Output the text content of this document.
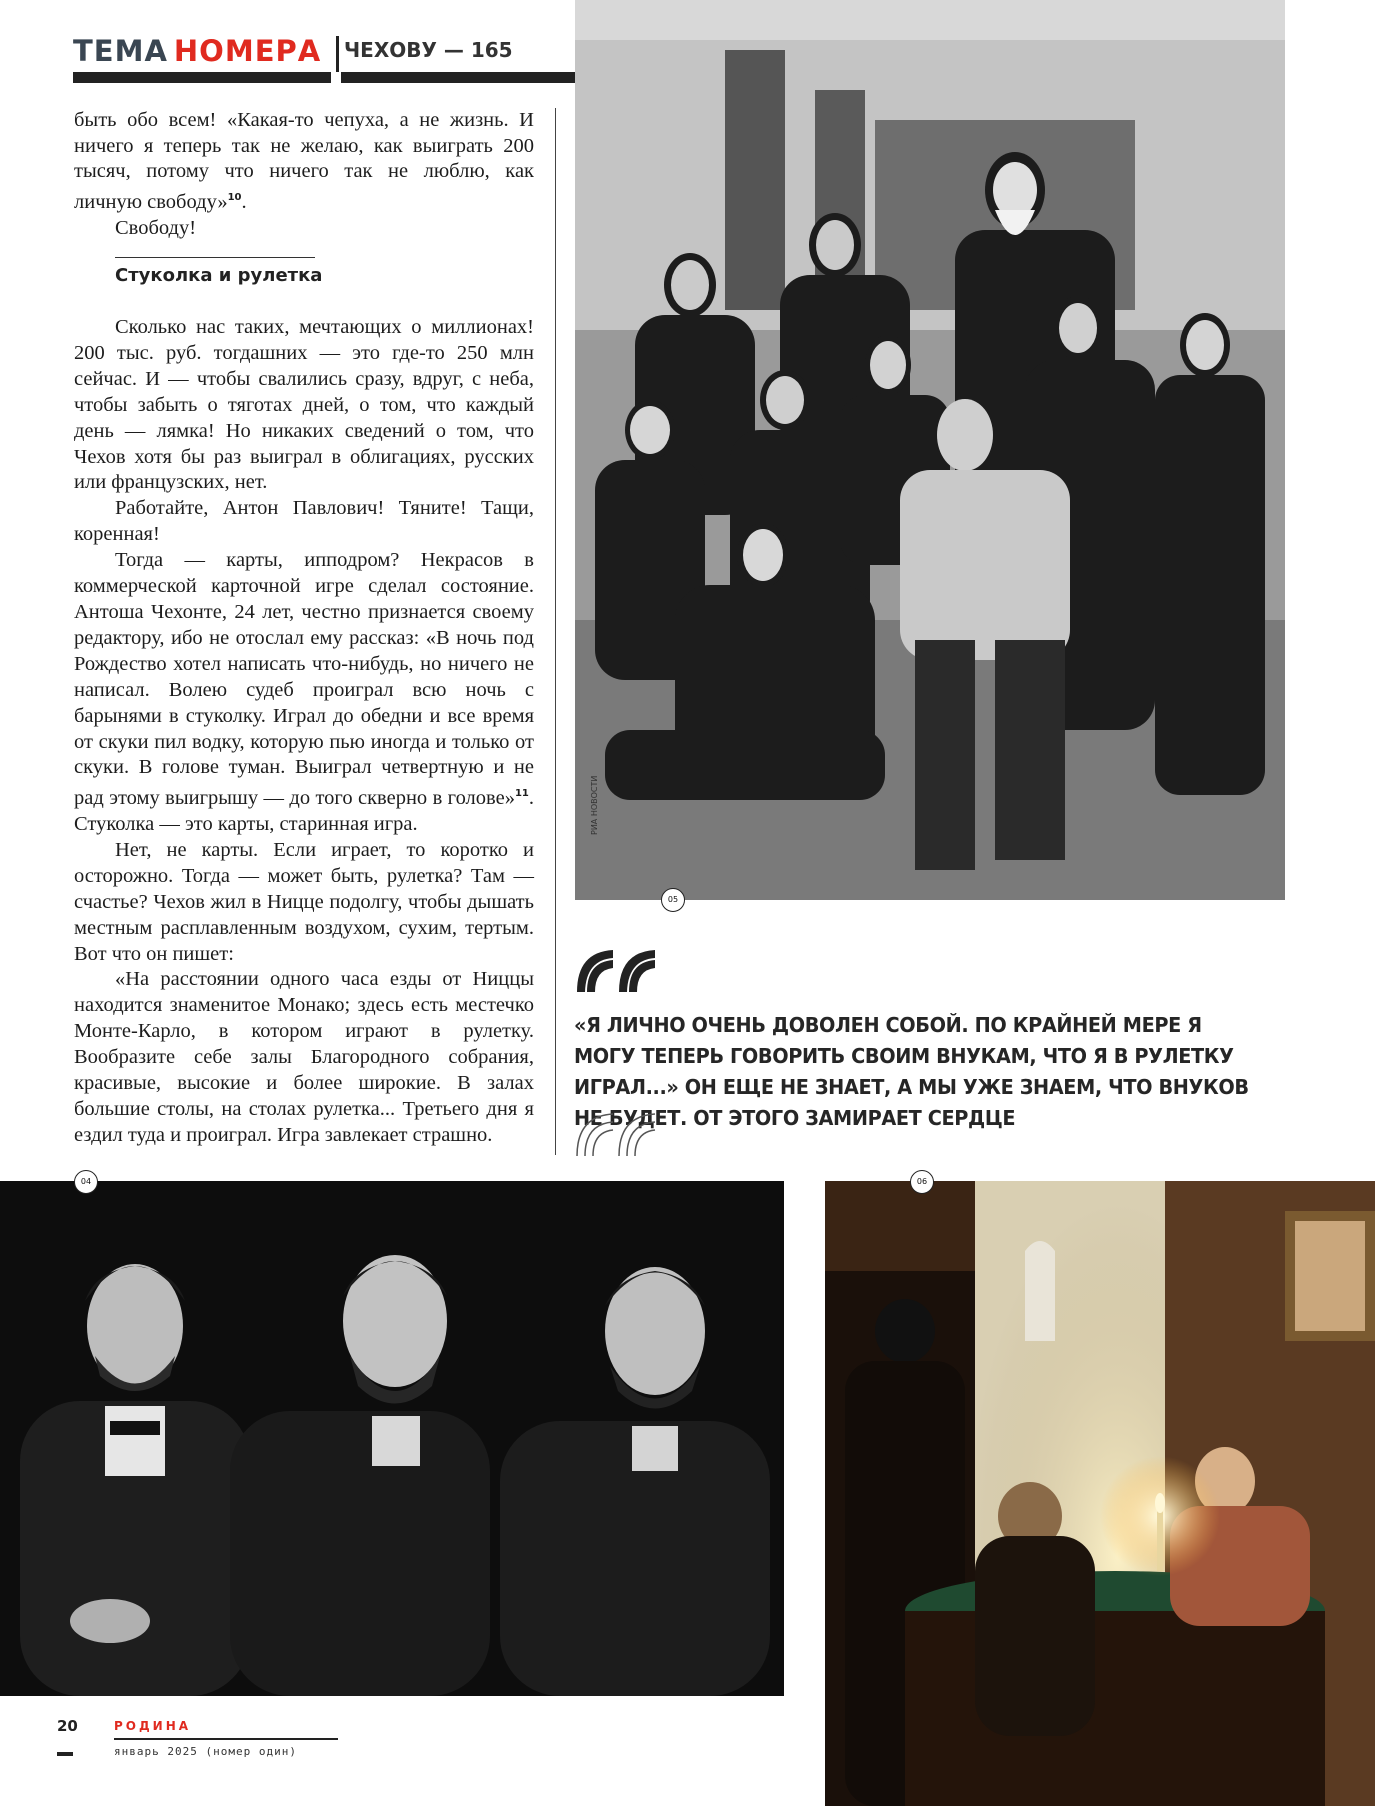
ТЕМА НОМЕРА ЧЕХОВУ — 165

быть обо всем! «Какая-то чепуха, а не жизнь. И ничего я теперь так не желаю, как выиграть 200 тысяч, потому что ничего так не люблю, как личную свободу»$^{10}$.

Свободу!

Стуколка и рулетка

Сколько нас таких, мечтающих о миллионах! 200 тыс. руб. тогдашних — это где-то 250 млн сейчас. И — чтобы свалились сразу, вдруг, с неба, чтобы забыть о тяготах дней, о том, что каждый день — лямка! Но никаких сведений о том, что Чехов хотя бы раз выиграл в облигациях, русских или французских, нет.

Работайте, Антон Павлович! Тяните! Тащи, коренная!

Тогда — карты, ипподром? Некрасов в коммерческой карточной игре сделал состояние. Антоша Чехонте, 24 лет, честно признается своему редактору, ибо не отослал ему рассказ: «В ночь под Рождество хотел написать что-нибудь, но ничего не написал. Волею судеб проиграл всю ночь с барынями в стуколку. Играл до обедни и все время от скуки пил водку, которую пью иногда и только от скуки. В голове туман. Выиграл четвертную и не рад этому выигрышу — до того скверно в голове»$^{11}$. Стуколка — это карты, старинная игра.

Нет, не карты. Если играет, то коротко и осторожно. Тогда — может быть, рулетка? Там — счастье? Чехов жил в Ницце подолгу, чтобы дышать местным расплавленным воздухом, сухим, тертым. Вот что он пишет:

«На расстоянии одного часа езды от Ниццы находится знаменитое Монако; здесь есть местечко Монте-Карло, в котором играют в рулетку. Вообразите себе залы Благородного собрания, красивые, высокие и более широкие. В залах большие столы, на столах рулетка... Третьего дня я ездил туда и проиграл. Игра завлекает страшно.

РИА НОВОСТИ
05
«Я ЛИЧНО ОЧЕНЬ ДОВОЛЕН СОБОЙ. ПО КРАЙНЕЙ МЕРЕ Я МОГУ ТЕПЕРЬ ГОВОРИТЬ СВОИМ ВНУКАМ, ЧТО Я В РУЛЕТКУ ИГРАЛ...» ОН ЕЩЕ НЕ ЗНАЕТ, А МЫ УЖЕ ЗНАЕМ, ЧТО ВНУКОВ НЕ БУДЕТ. ОТ ЭТОГО ЗАМИРАЕТ СЕРДЦЕ
04	06
20	РОДИНА
январь 2025 (номер один)
